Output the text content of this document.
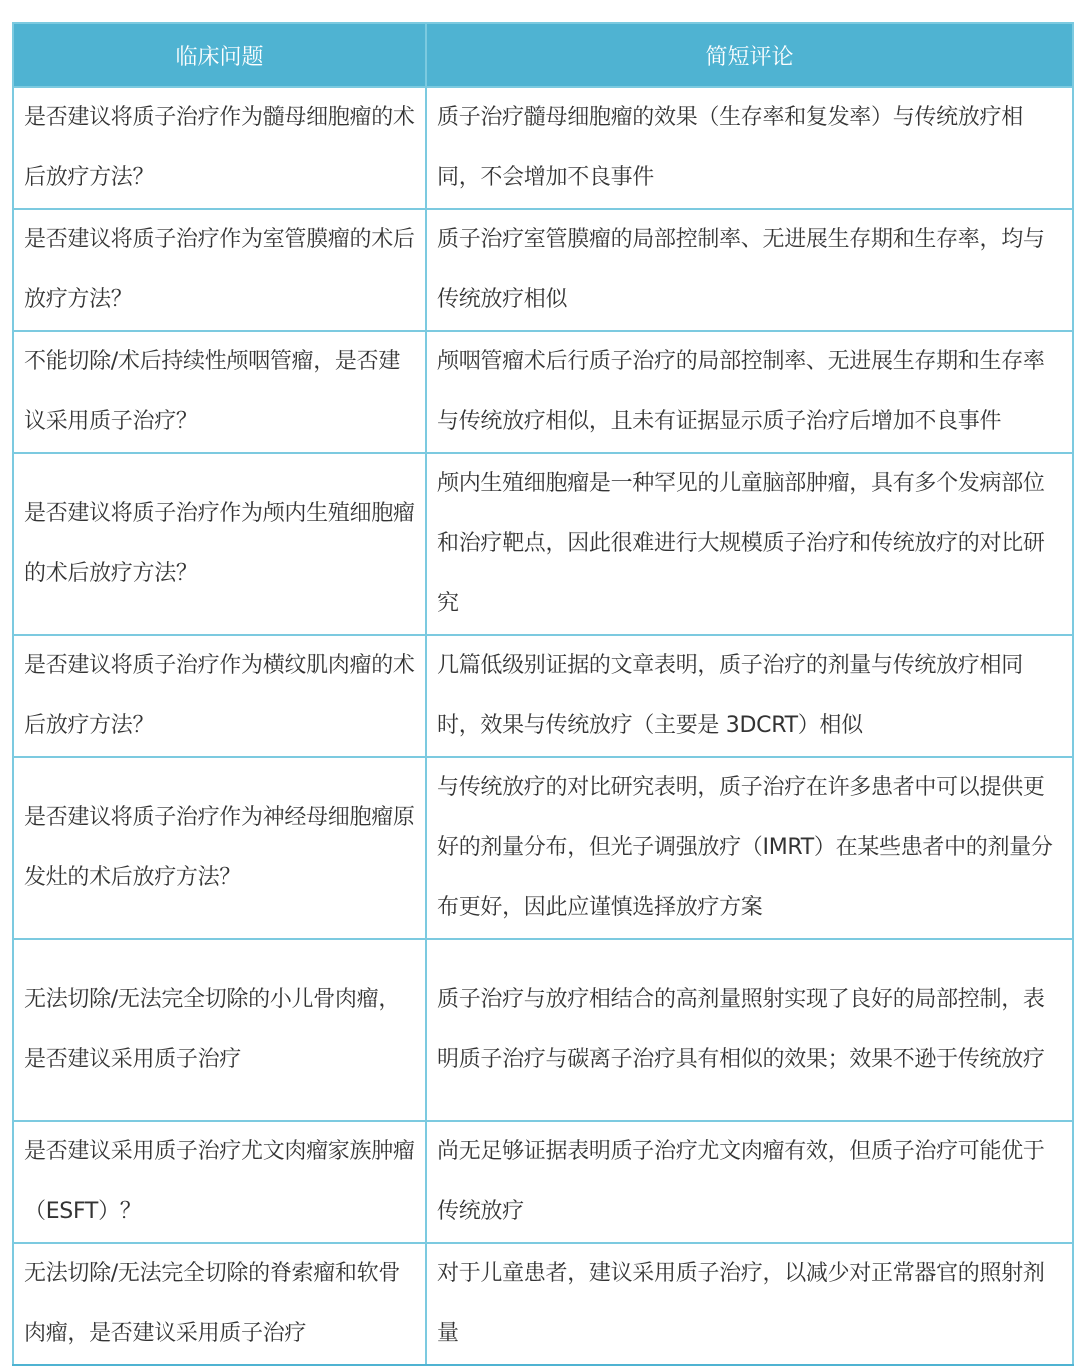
临床问题	简短评论
是否建议将质子治疗作为髓母细胞瘤的术后放疗方法？	质子治疗髓母细胞瘤的效果（生存率和复发率）与传统放疗相同，不会增加不良事件
是否建议将质子治疗作为室管膜瘤的术后放疗方法？	质子治疗室管膜瘤的局部控制率、无进展生存期和生存率，均与传统放疗相似
不能切除/术后持续性颅咽管瘤，是否建议采用质子治疗？	颅咽管瘤术后行质子治疗的局部控制率、无进展生存期和生存率与传统放疗相似，且未有证据显示质子治疗后增加不良事件
是否建议将质子治疗作为颅内生殖细胞瘤的术后放疗方法？	颅内生殖细胞瘤是一种罕见的儿童脑部肿瘤，具有多个发病部位和治疗靶点，因此很难进行大规模质子治疗和传统放疗的对比研究
是否建议将质子治疗作为横纹肌肉瘤的术后放疗方法？	几篇低级别证据的文章表明，质子治疗的剂量与传统放疗相同时，效果与传统放疗（主要是 3DCRT）相似
是否建议将质子治疗作为神经母细胞瘤原发灶的术后放疗方法？	与传统放疗的对比研究表明，质子治疗在许多患者中可以提供更好的剂量分布，但光子调强放疗（IMRT）在某些患者中的剂量分布更好，因此应谨慎选择放疗方案
无法切除/无法完全切除的小儿骨肉瘤，是否建议采用质子治疗	质子治疗与放疗相结合的高剂量照射实现了良好的局部控制，表明质子治疗与碳离子治疗具有相似的效果；效果不逊于传统放疗
是否建议采用质子治疗尤文肉瘤家族肿瘤（ESFT）？	尚无足够证据表明质子治疗尤文肉瘤有效，但质子治疗可能优于传统放疗
无法切除/无法完全切除的脊索瘤和软骨肉瘤，是否建议采用质子治疗	对于儿童患者，建议采用质子治疗，以减少对正常器官的照射剂量
